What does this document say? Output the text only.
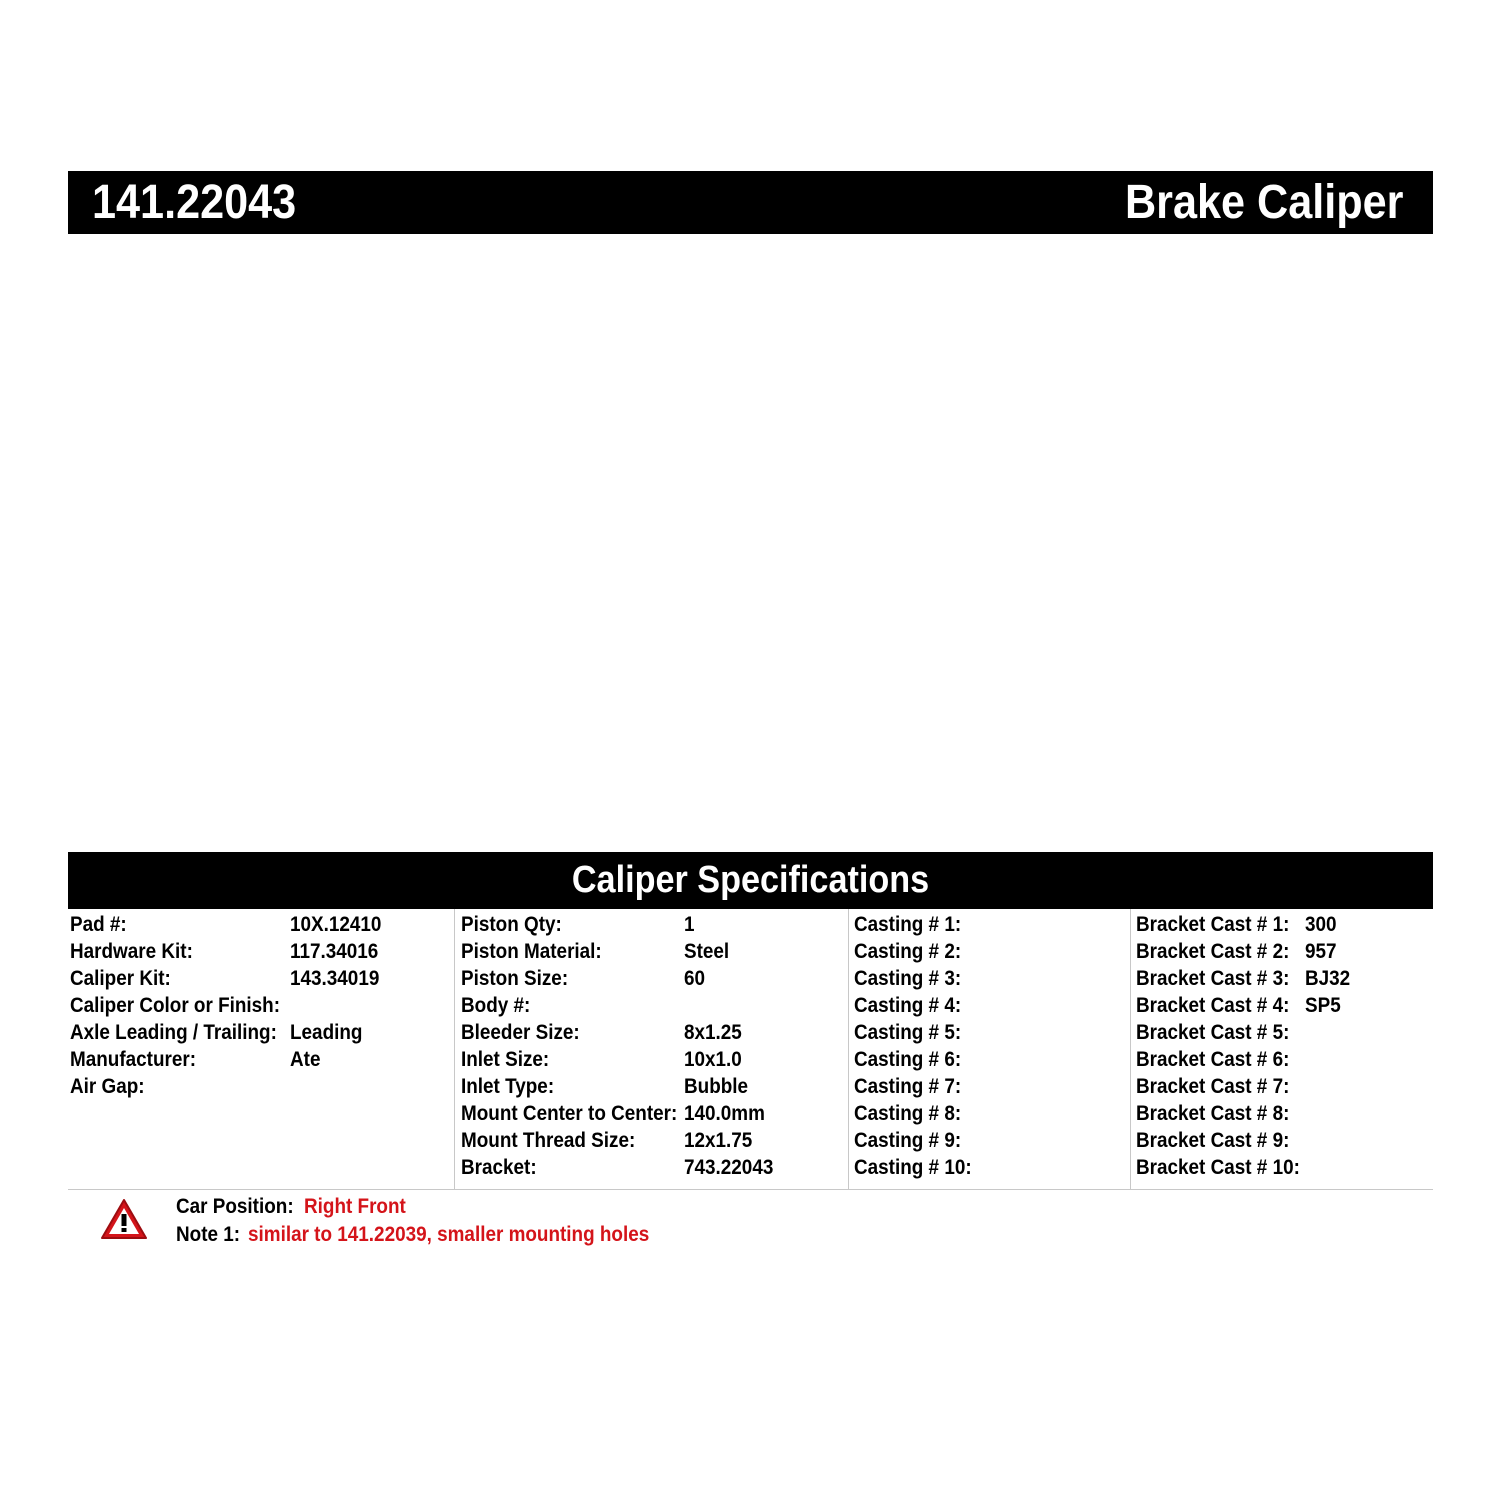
141.22043	Brake Caliper
Caliper Specifications
Pad #:	10X.12410
Hardware Kit:	117.34016
Caliper Kit:	143.34019
Caliper Color or Finish:
Axle Leading / Trailing: Leading
Manufacturer:	Ate
Air Gap:
Piston Qty:	1
Piston Material:	Steel
Piston Size:	60
Body #:
Bleeder Size:	8x1.25
Inlet Size:	10x1.0
Inlet Type:	Bubble
Mount Center to Center: 140.0mm
Mount Thread Size: 12x1.75
Bracket:	743.22043
Casting # 1:
Casting # 2:
Casting # 3:
Casting # 4:
Casting # 5:
Casting # 6:
Casting # 7:
Casting # 8:
Casting # 9:
Casting # 10:
Bracket Cast # 1: 300
Bracket Cast # 2: 957
Bracket Cast # 3: BJ32
Bracket Cast # 4: SP5
Bracket Cast # 5:
Bracket Cast # 6:
Bracket Cast # 7:
Bracket Cast # 8:
Bracket Cast # 9:
Bracket Cast # 10:
Car Position: Right Front
Note 1: similar to 141.22039, smaller mounting holes
